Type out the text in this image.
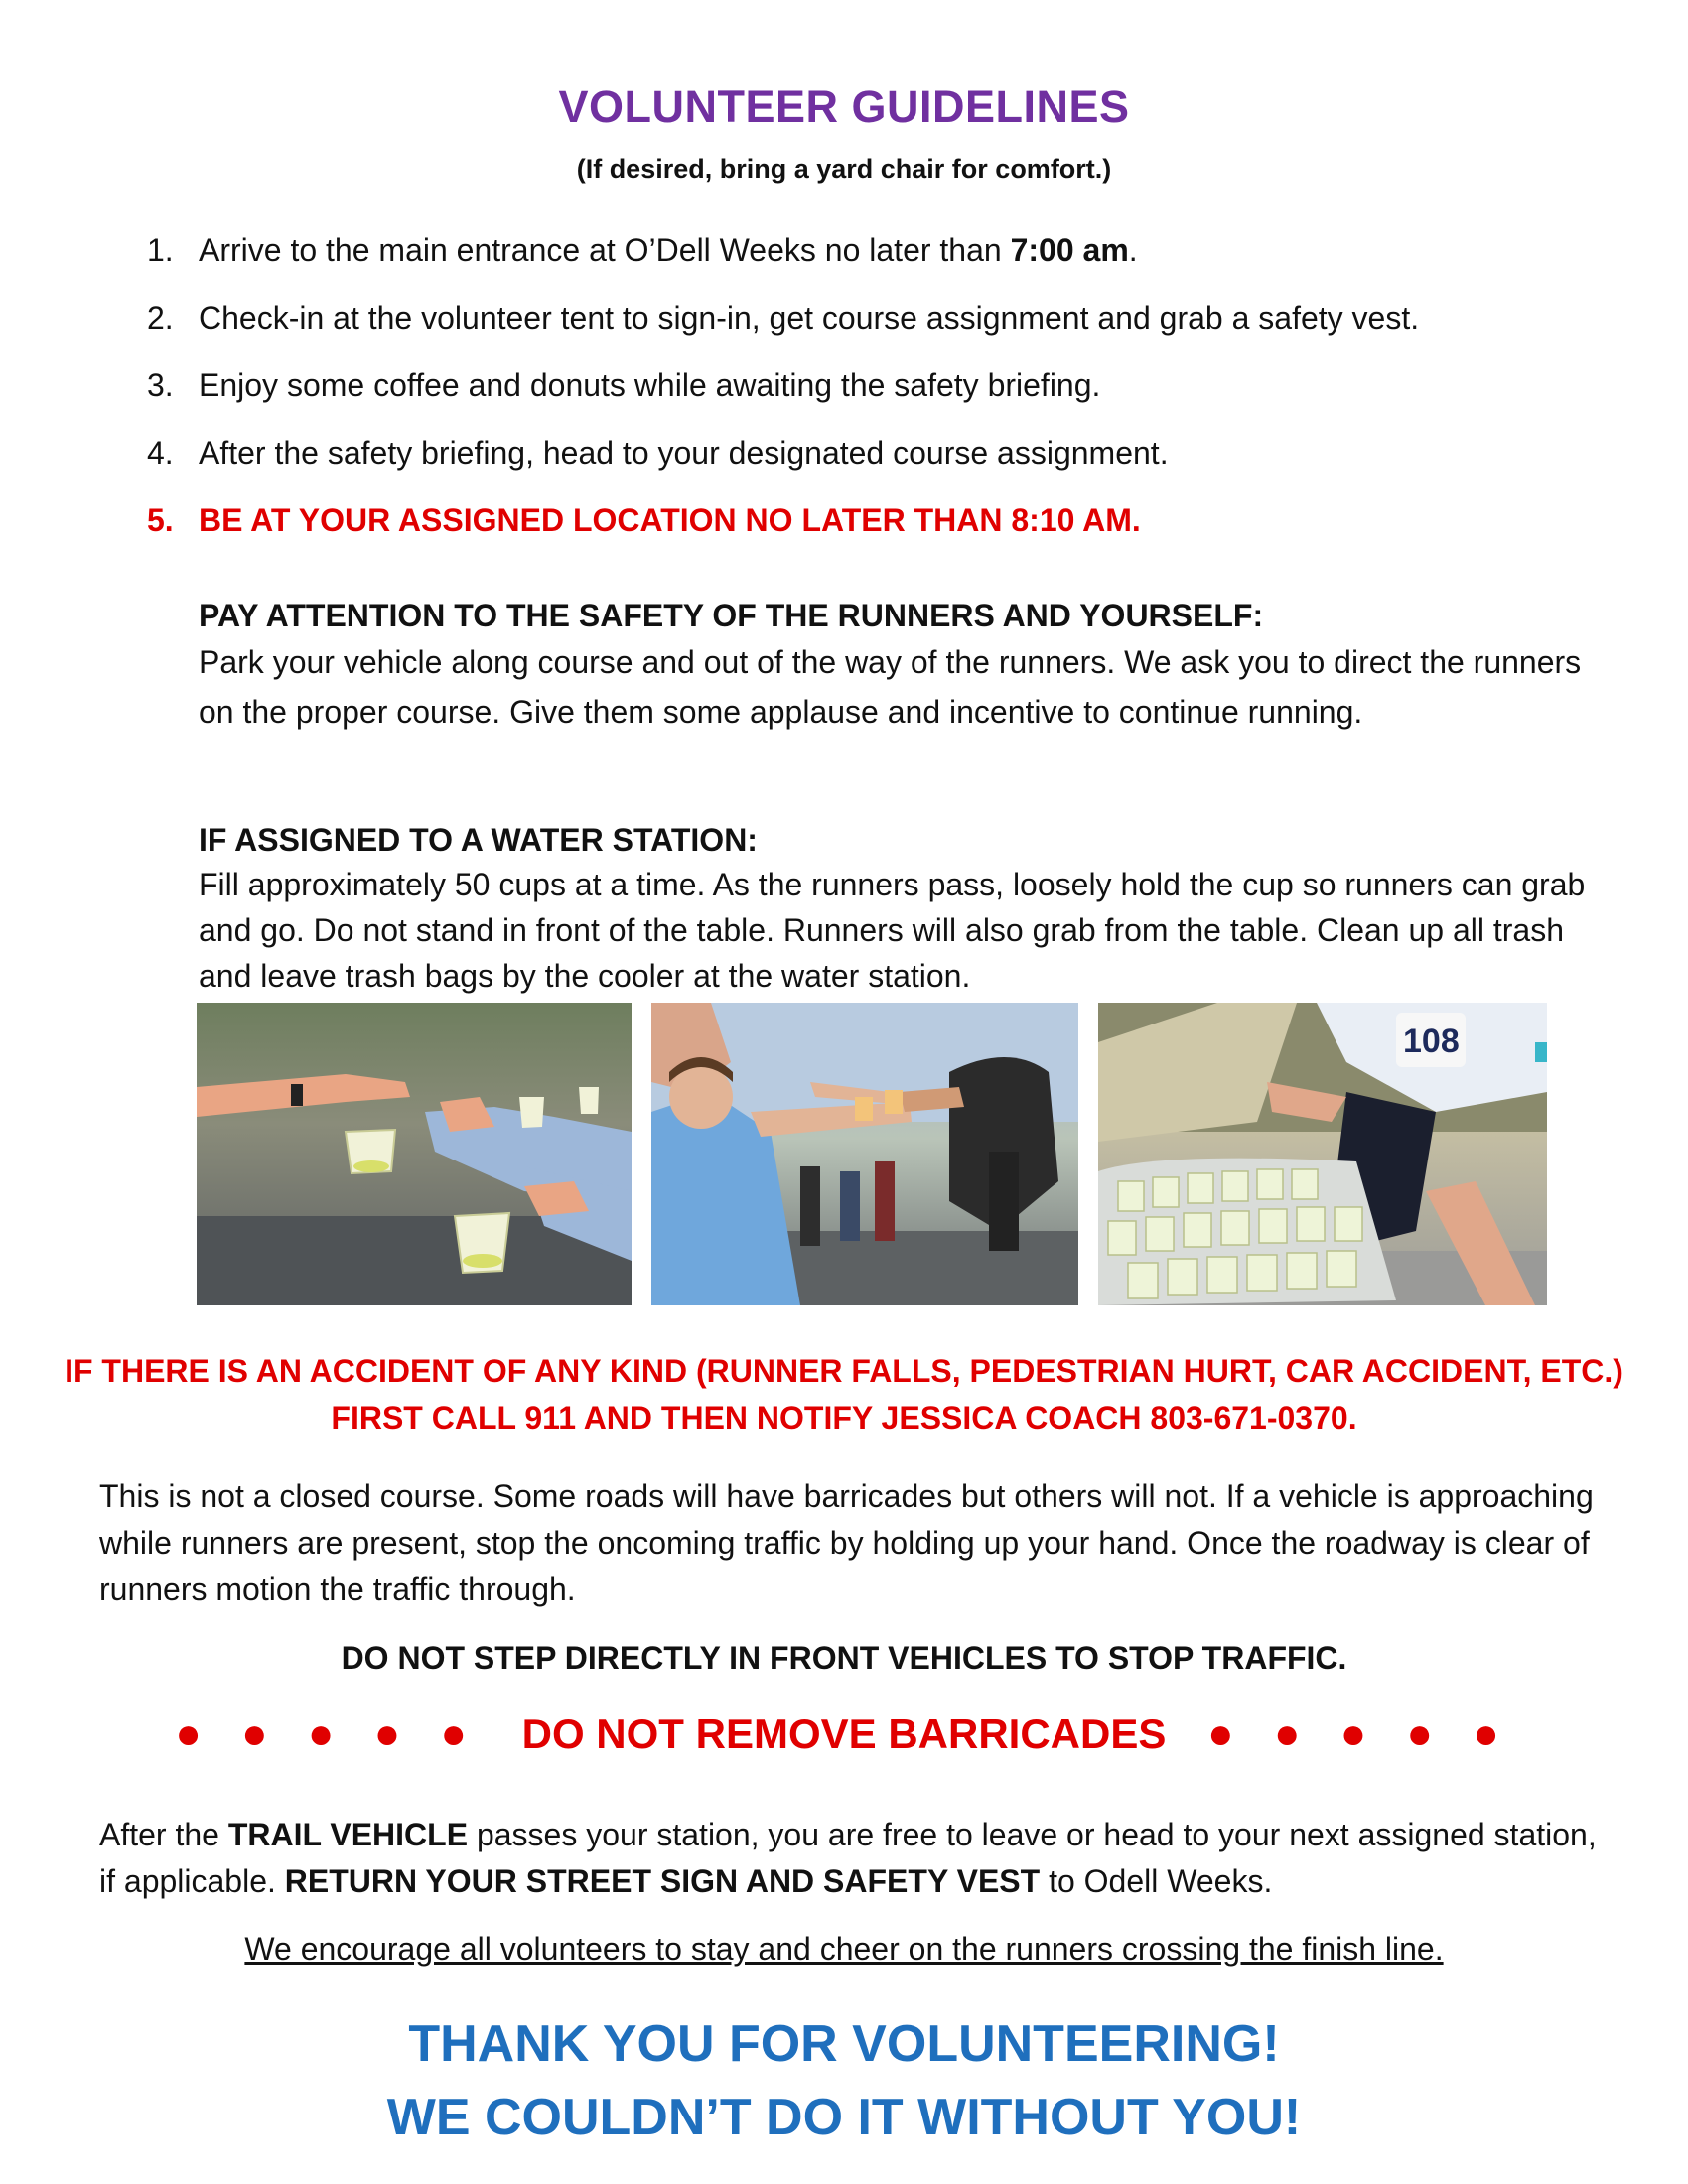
VOLUNTEER GUIDELINES
(If desired, bring a yard chair for comfort.)
1. Arrive to the main entrance at O’Dell Weeks no later than 7:00 am.
2. Check-in at the volunteer tent to sign-in, get course assignment and grab a safety vest.
3. Enjoy some coffee and donuts while awaiting the safety briefing.
4. After the safety briefing, head to your designated course assignment.
5. BE AT YOUR ASSIGNED LOCATION NO LATER THAN 8:10 AM.
PAY ATTENTION TO THE SAFETY OF THE RUNNERS AND YOURSELF:
Park your vehicle along course and out of the way of the runners. We ask you to direct the runners on the proper course. Give them some applause and incentive to continue running.
IF ASSIGNED TO A WATER STATION:
Fill approximately 50 cups at a time. As the runners pass, loosely hold the cup so runners can grab and go. Do not stand in front of the table. Runners will also grab from the table. Clean up all trash and leave trash bags by the cooler at the water station.
108
IF THERE IS AN ACCIDENT OF ANY KIND (RUNNER FALLS, PEDESTRIAN HURT, CAR ACCIDENT, ETC.) FIRST CALL 911 AND THEN NOTIFY JESSICA COACH 803-671-0370.
This is not a closed course. Some roads will have barricades but others will not. If a vehicle is approaching while runners are present, stop the oncoming traffic by holding up your hand. Once the roadway is clear of runners motion the traffic through.
DO NOT STEP DIRECTLY IN FRONT VEHICLES TO STOP TRAFFIC.
● ● ● ● ● DO NOT REMOVE BARRICADES ● ● ● ● ●
After the TRAIL VEHICLE passes your station, you are free to leave or head to your next assigned station, if applicable. RETURN YOUR STREET SIGN AND SAFETY VEST to Odell Weeks.
We encourage all volunteers to stay and cheer on the runners crossing the finish line.
THANK YOU FOR VOLUNTEERING!
WE COULDN’T DO IT WITHOUT YOU!
